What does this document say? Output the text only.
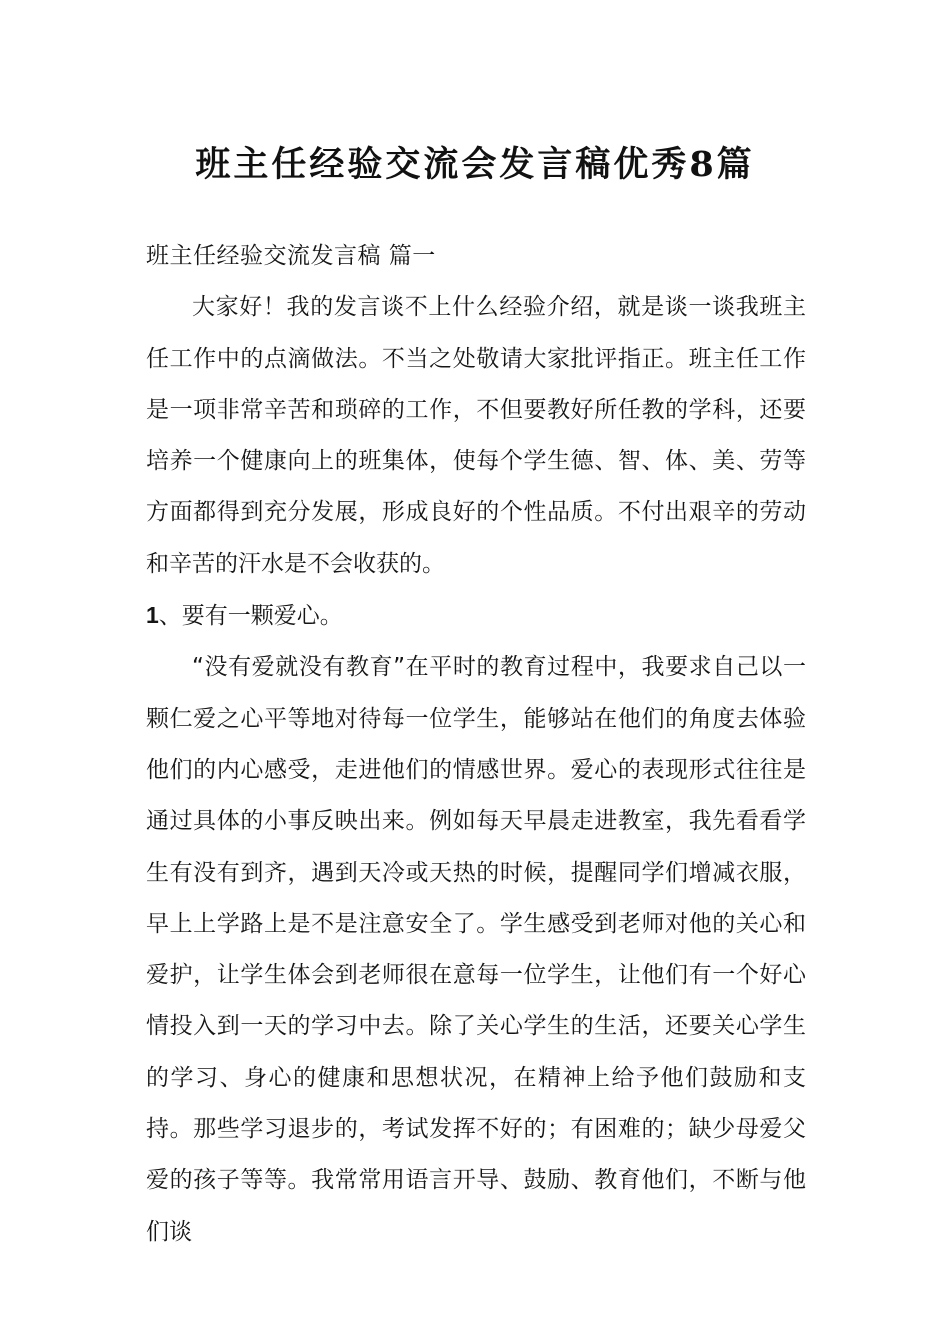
班主任经验交流会发言稿优秀8篇

班主任经验交流发言稿 篇一

大家好！我的发言谈不上什么经验介绍，就是谈一谈我班主任工作中的点滴做法。不当之处敬请大家批评指正。班主任工作是一项非常辛苦和琐碎的工作，不但要教好所任教的学科，还要培养一个健康向上的班集体，使每个学生德、智、体、美、劳等方面都得到充分发展，形成良好的个性品质。不付出艰辛的劳动和辛苦的汗水是不会收获的。

1、要有一颗爱心。

“没有爱就没有教育”在平时的教育过程中，我要求自己以一颗仁爱之心平等地对待每一位学生，能够站在他们的角度去体验他们的内心感受，走进他们的情感世界。爱心的表现形式往往是通过具体的小事反映出来。例如每天早晨走进教室，我先看看学生有没有到齐，遇到天冷或天热的时候，提醒同学们增减衣服，早上上学路上是不是注意安全了。学生感受到老师对他的关心和爱护，让学生体会到老师很在意每一位学生，让他们有一个好心情投入到一天的学习中去。除了关心学生的生活，还要关心学生的学习、身心的健康和思想状况，在精神上给予他们鼓励和支持。那些学习退步的，考试发挥不好的；有困难的；缺少母爱父爱的孩子等等。我常常用语言开导、鼓励、教育他们，不断与他们谈
